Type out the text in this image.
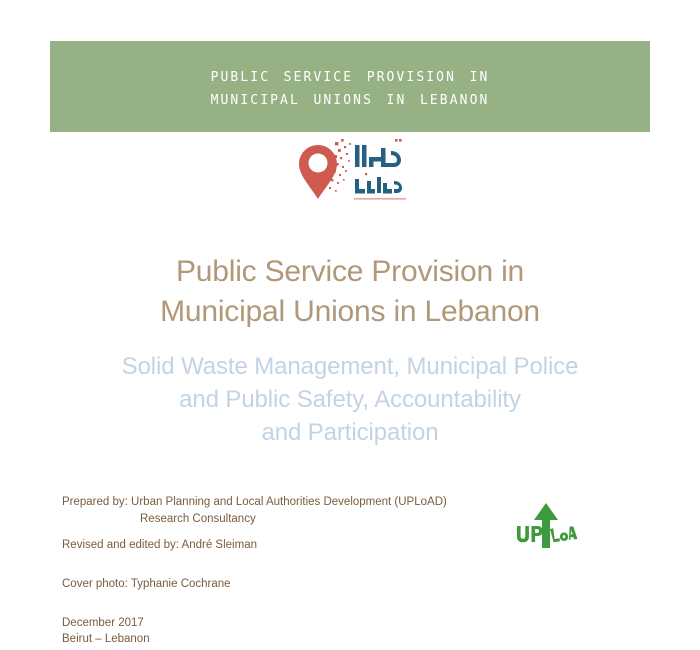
public service provision in
municipal unions in lebanon
Public Service Provision in
Municipal Unions in Lebanon
Solid Waste Management, Municipal Police
and Public Safety, Accountability
and Participation
Prepared by: Urban Planning and Local Authorities Development (UPLoAD)
Research Consultancy
Revised and edited by: André Sleiman
Cover photo: Typhanie Cochrane
December 2017
Beirut – Lebanon
